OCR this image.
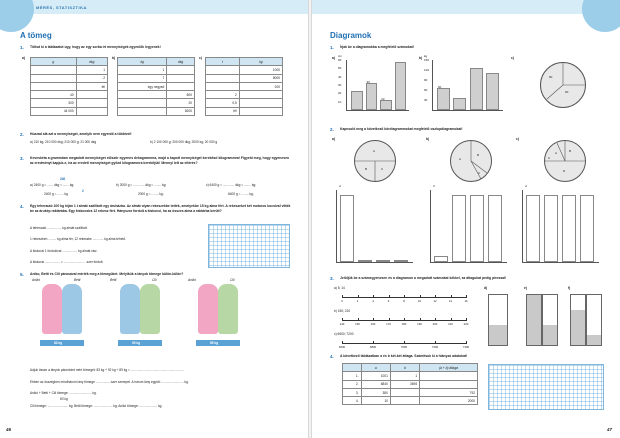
MÉRÉS, STATISZTIKA
A tömeg
1. Töltsd ki a táblázatot úgy, hogy az egy sorba írt mennyiségek egyenlők legyenek!
a)
g	dkg
	1
	2
	fél
40	
300	
44 000	
b)
kg	dkg
1	
7	
egy negyed	
	800
	20
	8200
c)
t	kg
	1000
	8000
	200
2	
0,5	
fél	
2. Húzzad alá azt a mennyiséget, amelyik nem egyenlő a többivel!
a) 210 kg; 210 000 dkg; 210 000 g; 21 000 dkg	b) 2 100 000 g; 200 000 dkg; 2000 kg; 20 000 g
3. Keveskéta a grammban megadott mennyiséget először egyenes dekagrammra, majd a kapott mennyiséget kerekítsd kilogrammra! Figyeld meg, hogy egyenesen az eredményt kapjuk-e, ha az eredeti mennyiséget győzd kilogrammra kerekítjük! Mennyi lett az eltérés?
a) 2400 g ≈ ....... dkg ≈ ....... kg;	b) 2000 g ≈ ............. dkg ≈ ........ kg;	c) 6400 g ≈ ............. dkg ≈ ........ kg;
240
2400 g ≈ ....... kg	2000 g ≈ ........ kg;	6400 g ≈ ........ kg;
2
4. Egy teherautó 100 kg híján 1 t almát szállított egy áruházba. Az almát olyan rekeszekbe tették, amelyekbe 15 kg alma fért. A rekeszeket két motoros kocsival vitték be az árukép raktárába. Egy kiskocsira 12 rekesz fért. Hányszor fordult a kiskocsi, ha az összes alma a raktárba került?
A teherautó ................ kg almát szállított.
1 rekeszben ......... kg alma fér, 12 rekeszbe ............ kg alma tehető.
A kiskocsi 1 fordulóval ................. kg almát visz.
A kiskocsi ................. = ........................ -szer fordult.
5. Aniko, Betti és Cili párosával mérték meg a tömegüket. Melyikük a lányok tömege külön-külön?
Anikó	Betti
83 kg
Betti	Cili
90 kg
Anikó	Cili
89 kg
Adjuk össze a lányok páronként mért tömegét: 83 kg + 92 kg + 89 kg = ............................................................
Ebben az összegben mindhárom lány tömege ................-szer szerepel. A három lány együtt: ......................... kg.
Anikó + Betti + Cili tömege: ......................... kg.
83 kg
Cili tömege: ....................... kg; Betti tömege: ..................... kg; Anikó tömege: .................... kg.
46
Diagramok
1. Írjak be a diagramokba a megfelelő számokat!
a) 60
50
40
30
20
10
cm
30
10
b) 150
120
90
60
30
kg
60
c)
90
60
2. Kapcsold meg a következő kördiagrammokat megfelelő oszlopdiagramokat!
a)
A
B	C
b)
A
B
C
c)
A	B
C
D
A	C	A
3. Jelöljük be a számegyenesen és a diagramon a megadott számokat kékkel, az átlagukat pedig pirossal!
a) 5; 14
0	2	4	6	8	10	12	14	16
b) 150; 210
140	150	160	170	180	190	200	210	220
c) 6600; 7200
6600	6800	7000	7200	7400
d)	e)	f)
4. A következő táblázatban a és b két-két átlaga. Számítsuk ki a hiányzó adatokat!
	a	b	(a + b) átlaga
1.	1001	1	
2.	6840	3694	
3.	380		792
4.	10		2000
47
